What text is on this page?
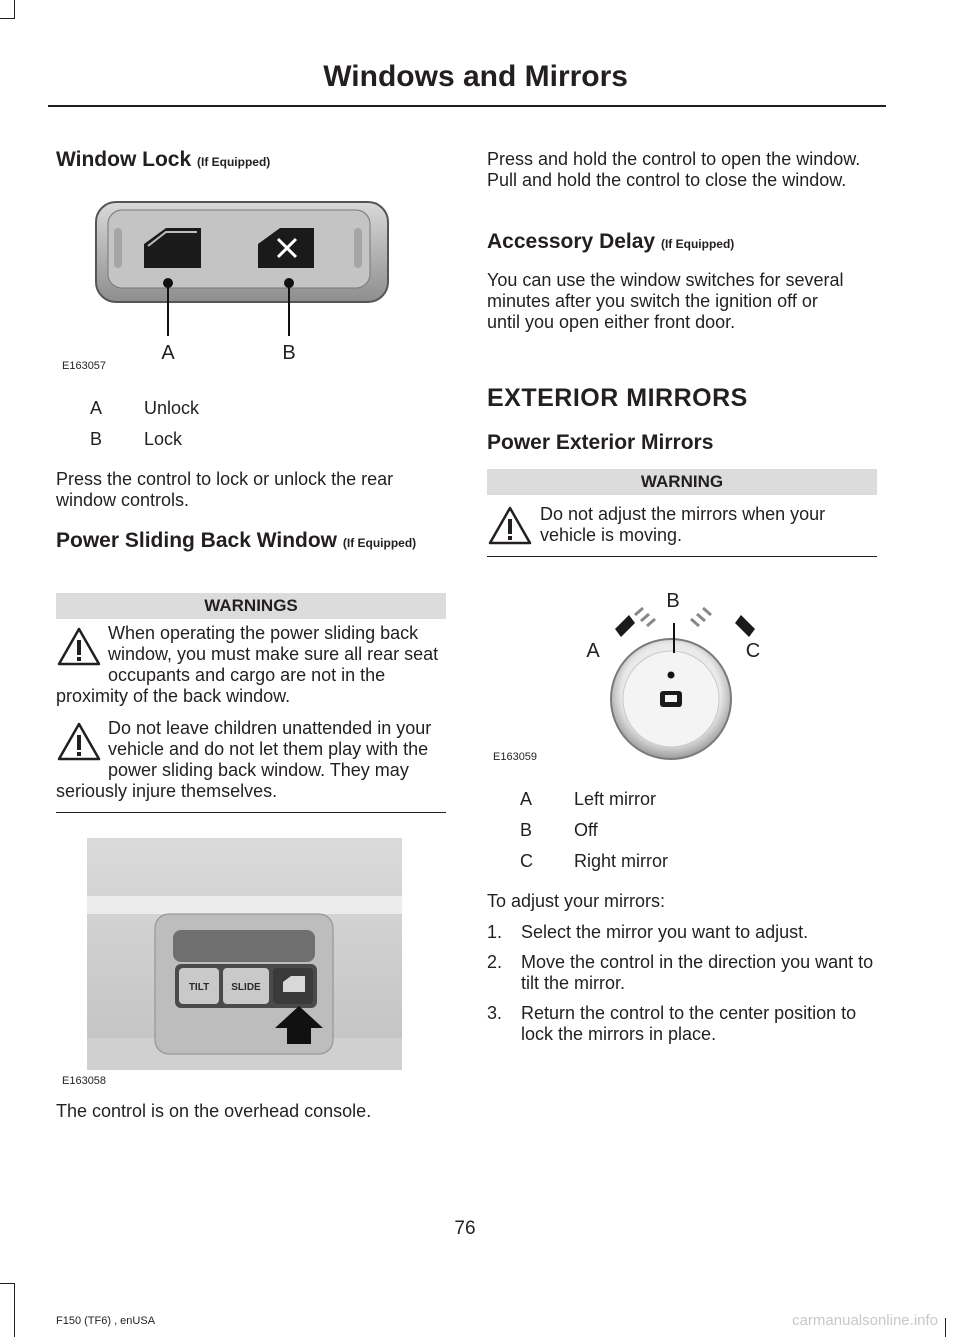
Windows and Mirrors
Window Lock (If Equipped)
A	B
E163057
A Unlock
B Lock
Press the control to lock or unlock the rear window controls.
Power Sliding Back Window (If Equipped)
WARNINGS
When operating the power sliding back window, you must make sure all rear seat occupants and cargo are not in the proximity of the back window.
Do not leave children unattended in your vehicle and do not let them play with the power sliding back window. They may seriously injure themselves.
TILT SLIDE
E163058
The control is on the overhead console.
Press and hold the control to open the window. Pull and hold the control to close the window.
Accessory Delay (If Equipped)
You can use the window switches for several minutes after you switch the ignition off or until you open either front door.
EXTERIOR MIRRORS
Power Exterior Mirrors
WARNING
Do not adjust the mirrors when your vehicle is moving.
B
A	C
E163059
A Left mirror
B Off
C Right mirror
To adjust your mirrors:
1. Select the mirror you want to adjust.
2. Move the control in the direction you want to tilt the mirror.
3. Return the control to the center position to lock the mirrors in place.
76
F150 (TF6) , enUSA	carmanualsonline.info
